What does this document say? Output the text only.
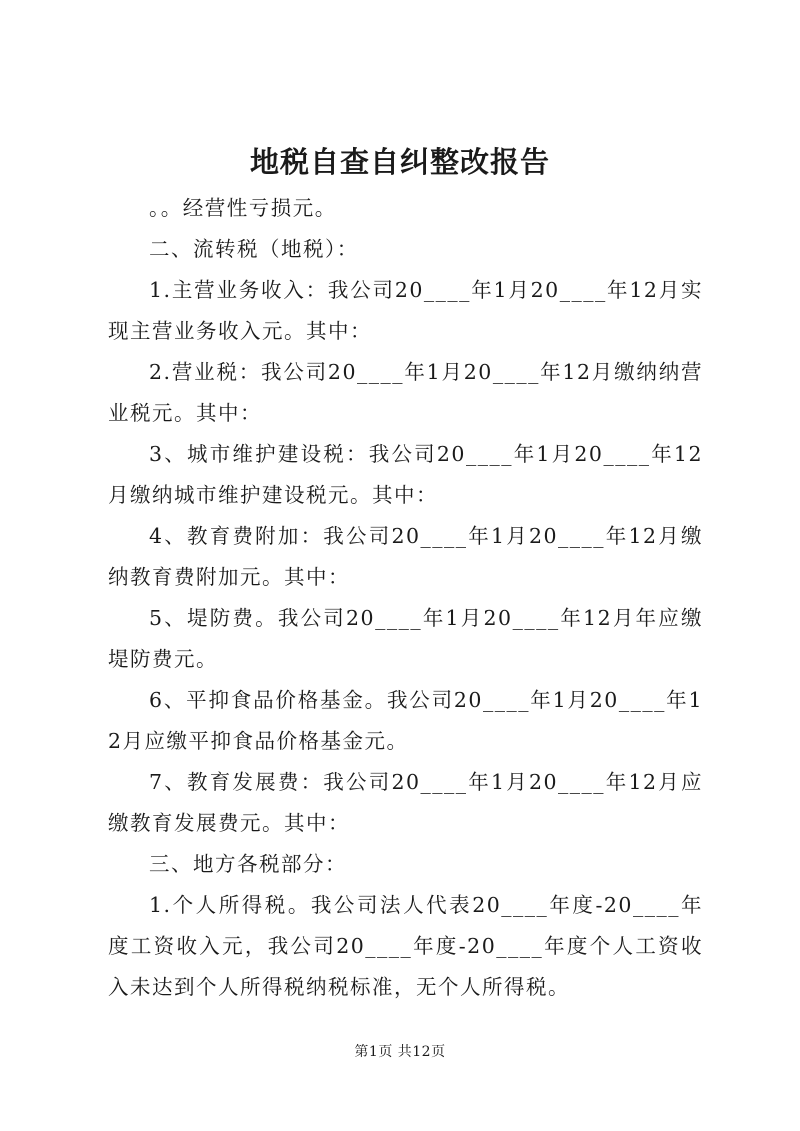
地税自查自纠整改报告

。。经营性亏损元。

二、流转税（地税）：

1.主营业务收入：我公司20____年1月20____年12月实现主营业务收入元。其中：

2.营业税：我公司20____年1月20____年12月缴纳纳营业税元。其中：

3、城市维护建设税：我公司20____年1月20____年12月缴纳城市维护建设税元。其中：

4、教育费附加：我公司20____年1月20____年12月缴纳教育费附加元。其中：

5、堤防费。我公司20____年1月20____年12月年应缴堤防费元。

6、平抑食品价格基金。我公司20____年1月20____年12月应缴平抑食品价格基金元。

7、教育发展费：我公司20____年1月20____年12月应缴教育发展费元。其中：

三、地方各税部分：

1.个人所得税。我公司法人代表20____年度-20____年度工资收入元，我公司20____年度-20____年度个人工资收入未达到个人所得税纳税标准，无个人所得税。

第1页 共12页
